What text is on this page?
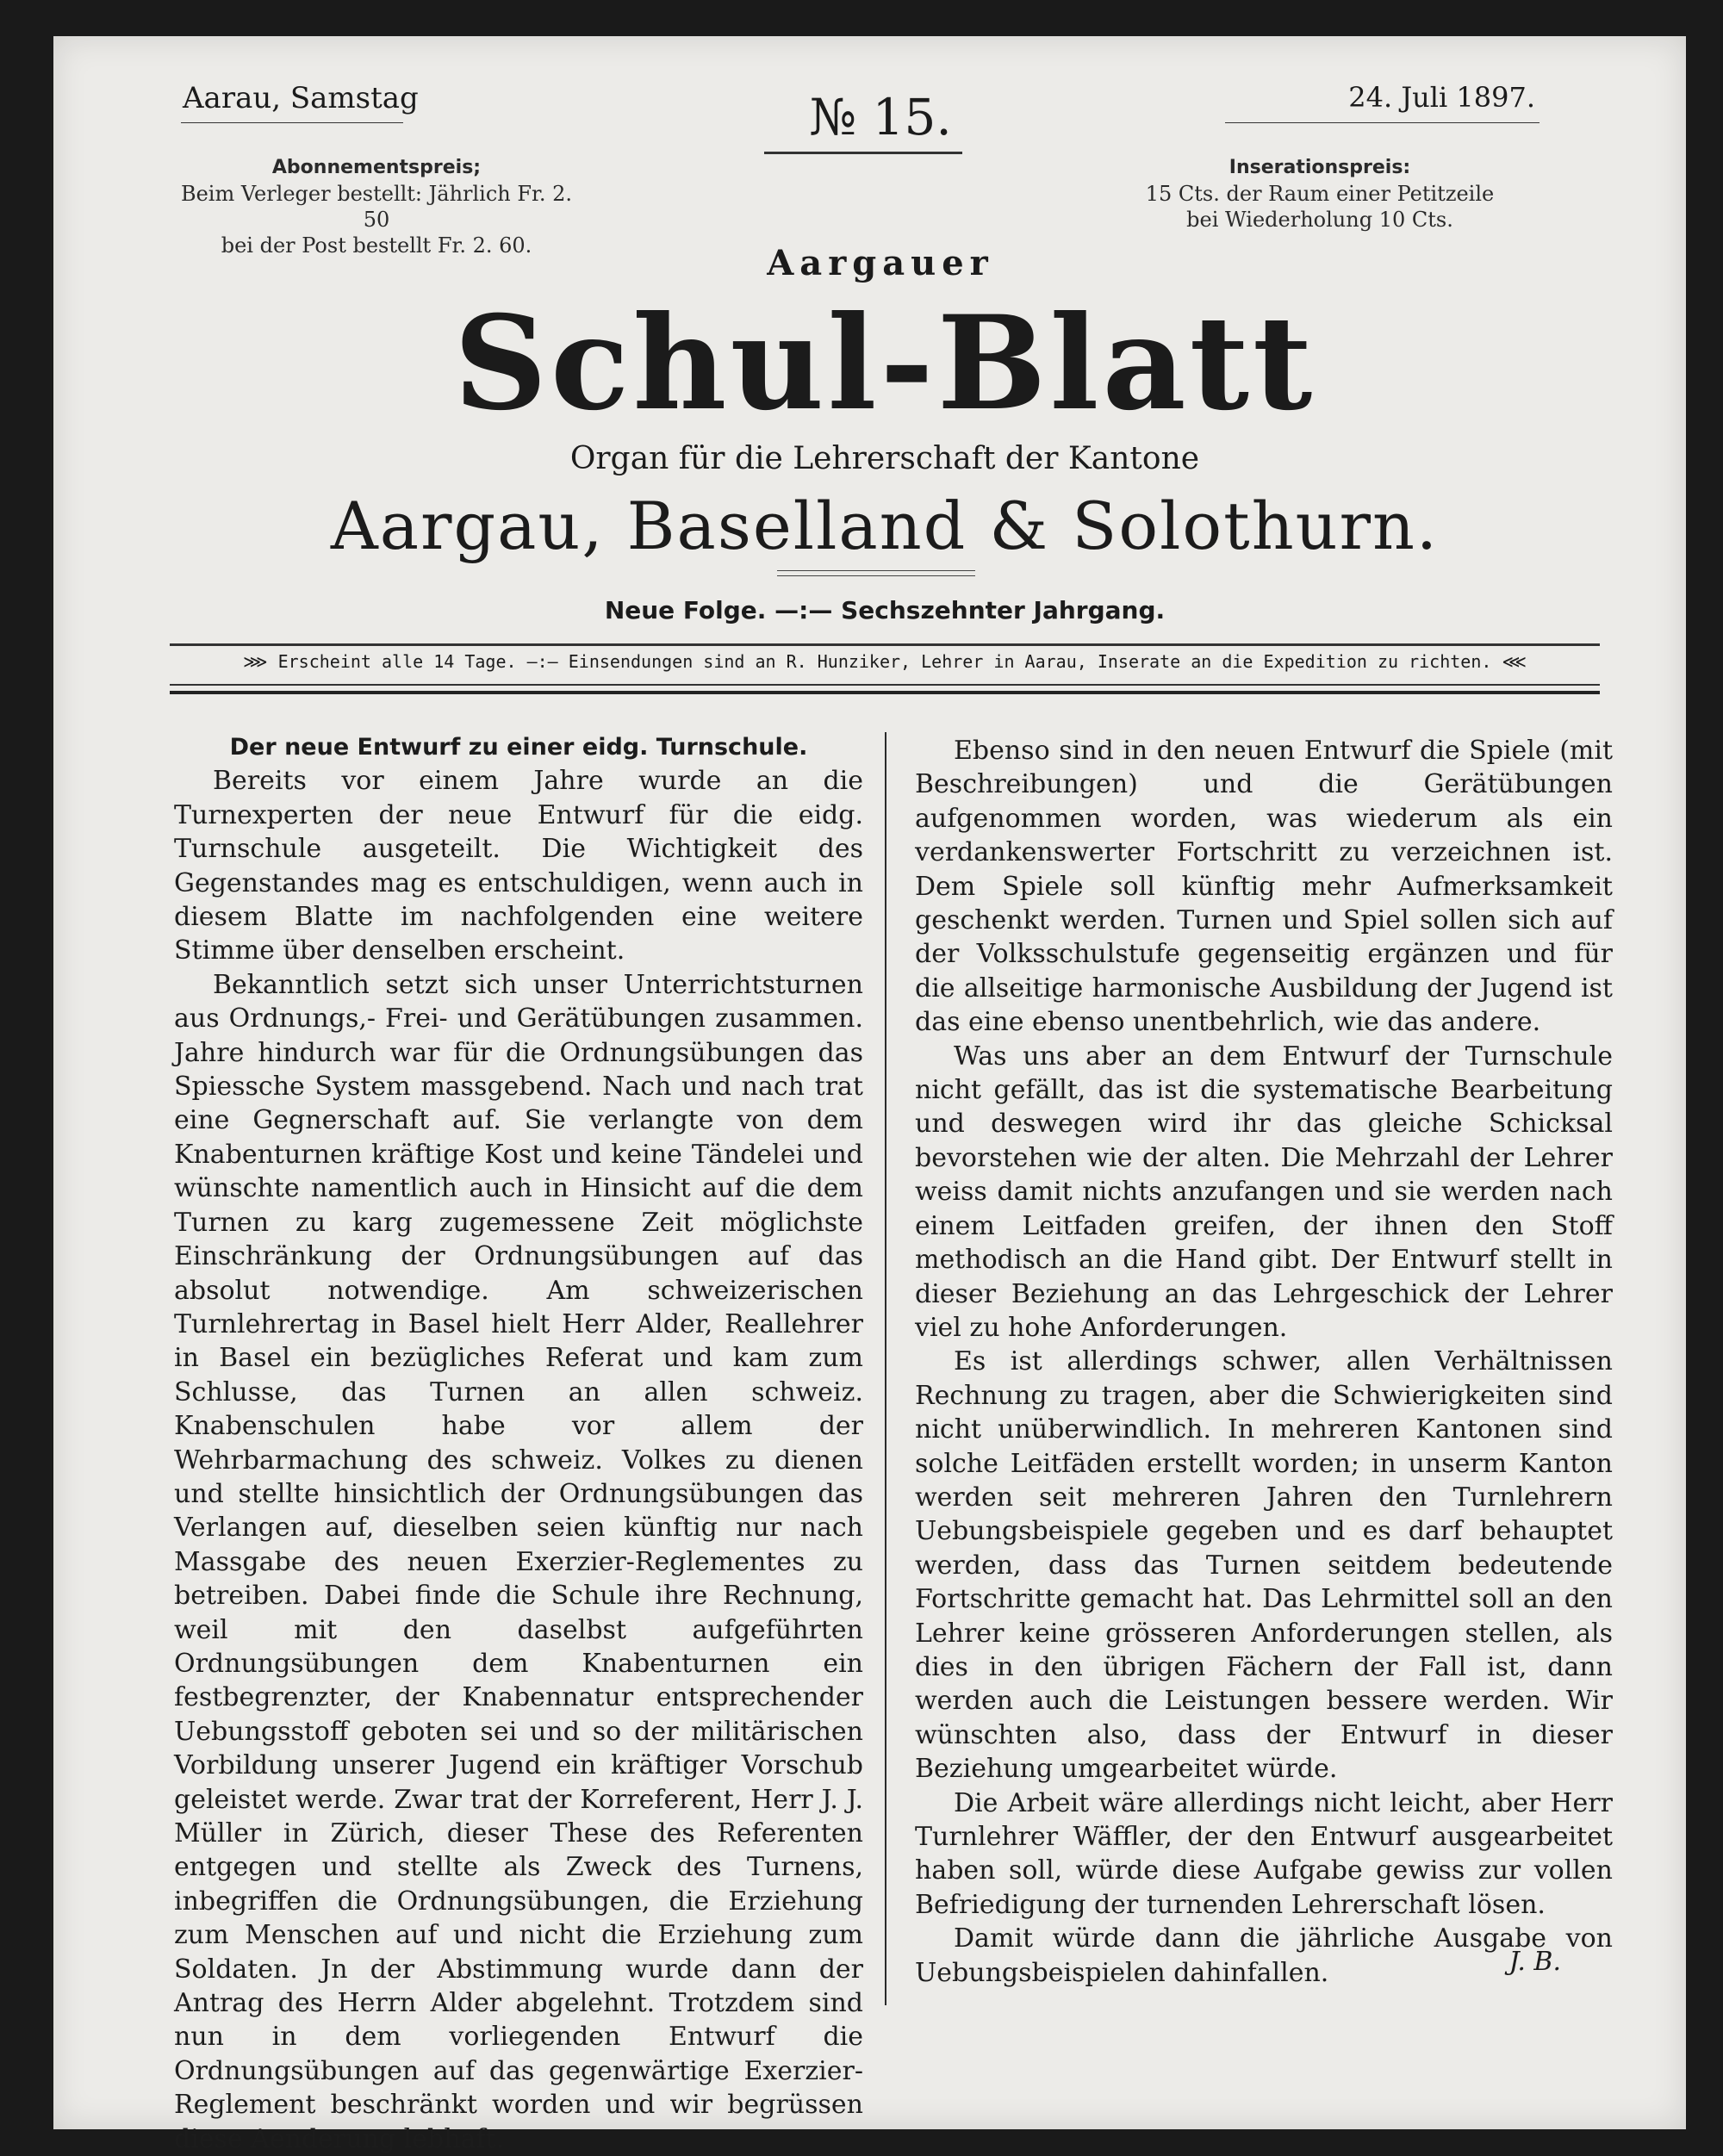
Aarau, Samstag	№ 15.	24. Juli 1897.
Abonnementspreis;
Beim Verleger bestellt: Jährlich Fr. 2. 50
bei der Post bestellt Fr. 2. 60.
Inserationspreis:
15 Cts. der Raum einer Petitzeile
bei Wiederholung 10 Cts.
Aargauer
Schul-Blatt
Organ für die Lehrerschaft der Kantone
Aargau, Baselland & Solothurn.
Neue Folge. —:— Sechszehnter Jahrgang.
⋙ Erscheint alle 14 Tage. —:— Einsendungen sind an R. Hunziker, Lehrer in Aarau, Inserate an die Expedition zu richten. ⋘

Der neue Entwurf zu einer eidg. Turnschule.

Bereits vor einem Jahre wurde an die Turnexperten der neue Entwurf für die eidg. Turnschule ausgeteilt. Die Wichtigkeit des Gegenstandes mag es entschuldigen, wenn auch in diesem Blatte im nachfolgenden eine weitere Stimme über denselben erscheint.

Bekanntlich setzt sich unser Unterrichtsturnen aus Ordnungs,- Frei- und Gerätübungen zusammen. Jahre hindurch war für die Ordnungsübungen das Spiessche System massgebend. Nach und nach trat eine Gegnerschaft auf. Sie verlangte von dem Knabenturnen kräftige Kost und keine Tändelei und wünschte namentlich auch in Hinsicht auf die dem Turnen zu karg zugemessene Zeit möglichste Einschränkung der Ordnungsübungen auf das absolut notwendige. Am schweizerischen Turnlehrertag in Basel hielt Herr Alder, Reallehrer in Basel ein bezügliches Referat und kam zum Schlusse, das Turnen an allen schweiz. Knabenschulen habe vor allem der Wehrbarmachung des schweiz. Volkes zu dienen und stellte hinsichtlich der Ordnungsübungen das Verlangen auf, dieselben seien künftig nur nach Massgabe des neuen Exerzier-Reglementes zu betreiben. Dabei finde die Schule ihre Rechnung, weil mit den daselbst aufgeführten Ordnungsübungen dem Knabenturnen ein festbegrenzter, der Knabennatur entsprechender Uebungsstoff geboten sei und so der militärischen Vorbildung unserer Jugend ein kräftiger Vorschub geleistet werde. Zwar trat der Korreferent, Herr J. J. Müller in Zürich, dieser These des Referenten entgegen und stellte als Zweck des Turnens, inbegriffen die Ordnungsübungen, die Erziehung zum Menschen auf und nicht die Erziehung zum Soldaten. Jn der Abstimmung wurde dann der Antrag des Herrn Alder abgelehnt. Trotzdem sind nun in dem vorliegenden Entwurf die Ordnungsübungen auf das gegenwärtige Exerzier-Reglement beschränkt worden und wir begrüssen diese Aenderung lebhaft.

Ebenso sind in den neuen Entwurf die Spiele (mit Beschreibungen) und die Gerätübungen aufgenommen worden, was wiederum als ein verdankenswerter Fortschritt zu verzeichnen ist. Dem Spiele soll künftig mehr Aufmerksamkeit geschenkt werden. Turnen und Spiel sollen sich auf der Volksschulstufe gegenseitig ergänzen und für die allseitige harmonische Ausbildung der Jugend ist das eine ebenso unentbehrlich, wie das andere.

Was uns aber an dem Entwurf der Turnschule nicht gefällt, das ist die systematische Bearbeitung und deswegen wird ihr das gleiche Schicksal bevorstehen wie der alten. Die Mehrzahl der Lehrer weiss damit nichts anzufangen und sie werden nach einem Leitfaden greifen, der ihnen den Stoff methodisch an die Hand gibt. Der Entwurf stellt in dieser Beziehung an das Lehrgeschick der Lehrer viel zu hohe Anforderungen.

Es ist allerdings schwer, allen Verhältnissen Rechnung zu tragen, aber die Schwierigkeiten sind nicht unüberwindlich. In mehreren Kantonen sind solche Leitfäden erstellt worden; in unserm Kanton werden seit mehreren Jahren den Turnlehrern Uebungsbeispiele gegeben und es darf behauptet werden, dass das Turnen seitdem bedeutende Fortschritte gemacht hat. Das Lehrmittel soll an den Lehrer keine grösseren Anforderungen stellen, als dies in den übrigen Fächern der Fall ist, dann werden auch die Leistungen bessere werden. Wir wünschten also, dass der Entwurf in dieser Beziehung umgearbeitet würde.

Die Arbeit wäre allerdings nicht leicht, aber Herr Turnlehrer Wäffler, der den Entwurf ausgearbeitet haben soll, würde diese Aufgabe gewiss zur vollen Befriedigung der turnenden Lehrerschaft lösen.

Damit würde dann die jährliche Ausgabe von Uebungsbeispielen dahinfallen.	J. B.
